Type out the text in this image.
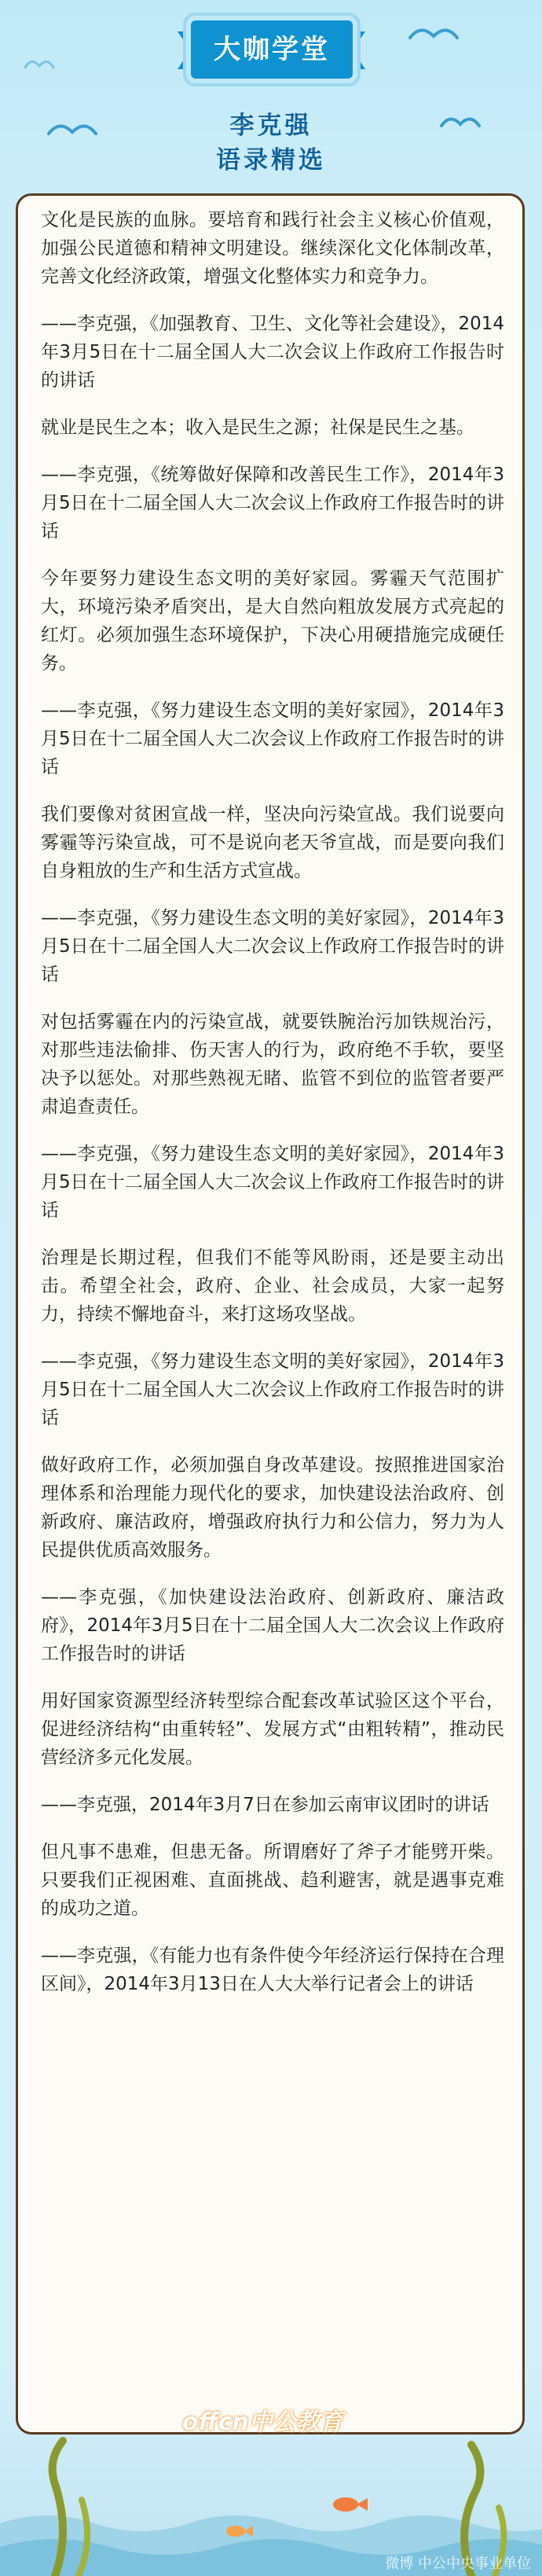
大咖学堂
李克强
语录精选

文化是民族的血脉。要培育和践行社会主义核心价值观，加强公民道德和精神文明建设。继续深化文化体制改革，完善文化经济政策，增强文化整体实力和竞争力。

——李克强，《加强教育、卫生、文化等社会建设》，2014年3月5日在十二届全国人大二次会议上作政府工作报告时的讲话

就业是民生之本；收入是民生之源；社保是民生之基。

——李克强，《统筹做好保障和改善民生工作》，2014年3月5日在十二届全国人大二次会议上作政府工作报告时的讲话

今年要努力建设生态文明的美好家园。雾霾天气范围扩大，环境污染矛盾突出，是大自然向粗放发展方式亮起的红灯。必须加强生态环境保护，下决心用硬措施完成硬任务。

——李克强，《努力建设生态文明的美好家园》，2014年3月5日在十二届全国人大二次会议上作政府工作报告时的讲话

我们要像对贫困宣战一样，坚决向污染宣战。我们说要向雾霾等污染宣战，可不是说向老天爷宣战，而是要向我们自身粗放的生产和生活方式宣战。

——李克强，《努力建设生态文明的美好家园》，2014年3月5日在十二届全国人大二次会议上作政府工作报告时的讲话

对包括雾霾在内的污染宣战，就要铁腕治污加铁规治污，对那些违法偷排、伤天害人的行为，政府绝不手软，要坚决予以惩处。对那些熟视无睹、监管不到位的监管者要严肃追查责任。

——李克强，《努力建设生态文明的美好家园》，2014年3月5日在十二届全国人大二次会议上作政府工作报告时的讲话

治理是长期过程，但我们不能等风盼雨，还是要主动出击。希望全社会，政府、企业、社会成员，大家一起努力，持续不懈地奋斗，来打这场攻坚战。

——李克强，《努力建设生态文明的美好家园》，2014年3月5日在十二届全国人大二次会议上作政府工作报告时的讲话

做好政府工作，必须加强自身改革建设。按照推进国家治理体系和治理能力现代化的要求，加快建设法治政府、创新政府、廉洁政府，增强政府执行力和公信力，努力为人民提供优质高效服务。

——李克强，《加快建设法治政府、创新政府、廉洁政府》，2014年3月5日在十二届全国人大二次会议上作政府工作报告时的讲话

用好国家资源型经济转型综合配套改革试验区这个平台，促进经济结构“由重转轻”、发展方式“由粗转精”，推动民营经济多元化发展。

——李克强，2014年3月7日在参加云南审议团时的讲话

但凡事不患难，但患无备。所谓磨好了斧子才能劈开柴。只要我们正视困难、直面挑战、趋利避害，就是遇事克难的成功之道。

——李克强，《有能力也有条件使今年经济运行保持在合理区间》，2014年3月13日在人大大举行记者会上的讲话

offcn中公教育
微博 中公中央事业单位
